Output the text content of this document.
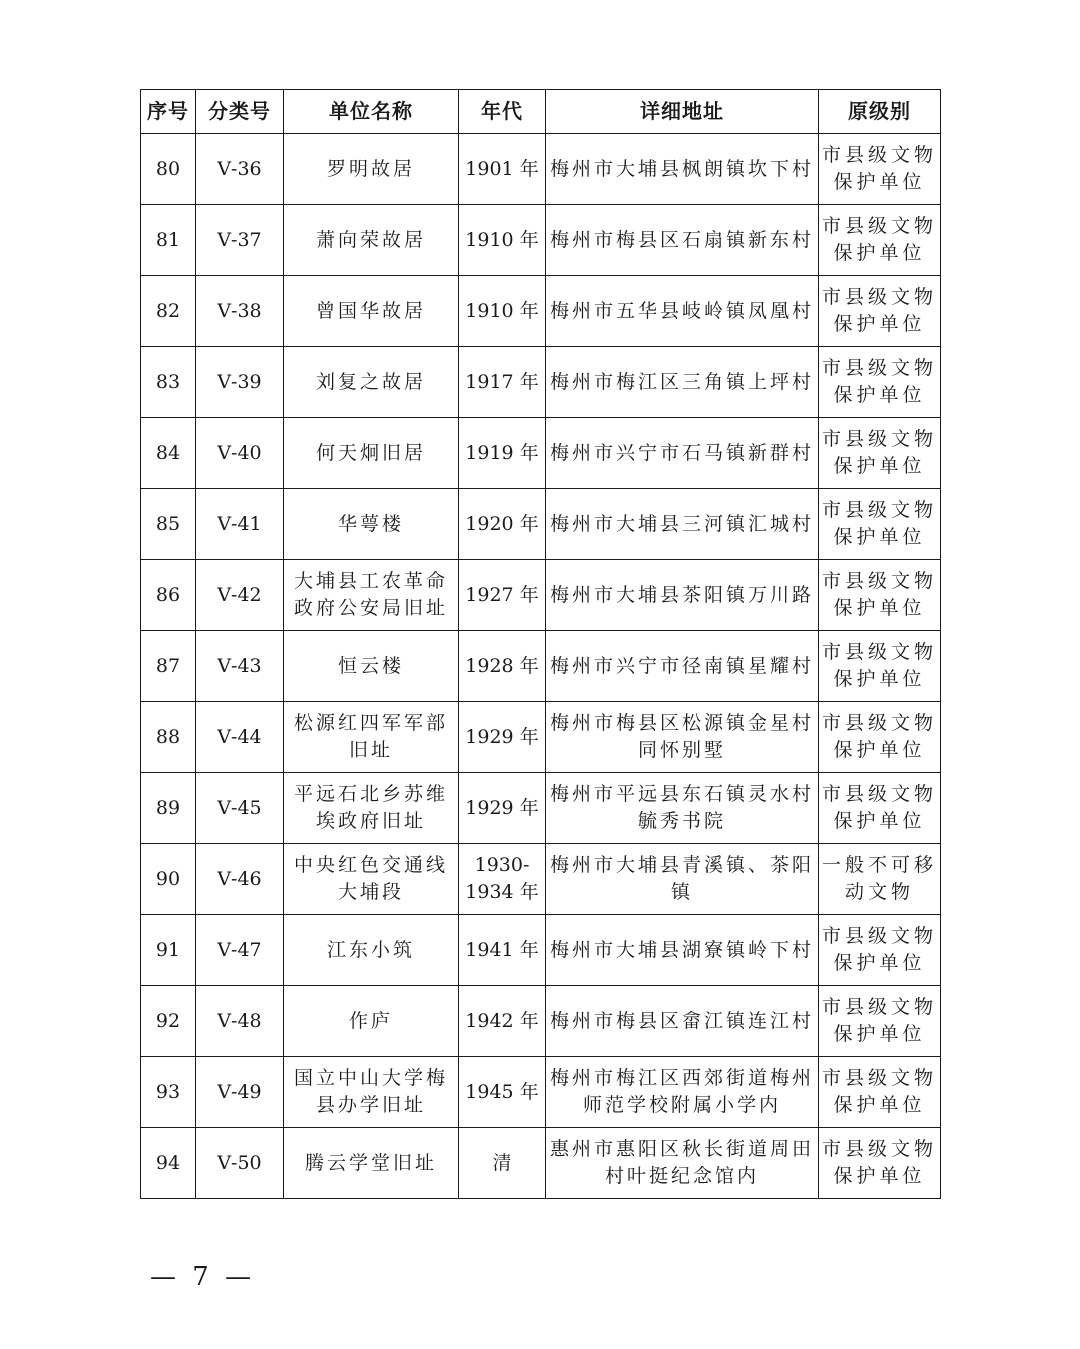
序号	分类号	单位名称	年代	详细地址	原级别
80	Ⅴ-36	罗明故居	1901 年	梅州市大埔县枫朗镇坎下村	市县级文物保护单位
81	Ⅴ-37	萧向荣故居	1910 年	梅州市梅县区石扇镇新东村	市县级文物保护单位
82	Ⅴ-38	曾国华故居	1910 年	梅州市五华县岐岭镇凤凰村	市县级文物保护单位
83	Ⅴ-39	刘复之故居	1917 年	梅州市梅江区三角镇上坪村	市县级文物保护单位
84	Ⅴ-40	何天炯旧居	1919 年	梅州市兴宁市石马镇新群村	市县级文物保护单位
85	Ⅴ-41	华萼楼	1920 年	梅州市大埔县三河镇汇城村	市县级文物保护单位
86	Ⅴ-42	大埔县工农革命政府公安局旧址	1927 年	梅州市大埔县茶阳镇万川路	市县级文物保护单位
87	Ⅴ-43	恒云楼	1928 年	梅州市兴宁市径南镇星耀村	市县级文物保护单位
88	Ⅴ-44	松源红四军军部旧址	1929 年	梅州市梅县区松源镇金星村同怀别墅	市县级文物保护单位
89	Ⅴ-45	平远石北乡苏维埃政府旧址	1929 年	梅州市平远县东石镇灵水村毓秀书院	市县级文物保护单位
90	Ⅴ-46	中央红色交通线大埔段	1930-1934 年	梅州市大埔县青溪镇、茶阳镇	一般不可移动文物
91	Ⅴ-47	江东小筑	1941 年	梅州市大埔县湖寮镇岭下村	市县级文物保护单位
92	Ⅴ-48	作庐	1942 年	梅州市梅县区畲江镇连江村	市县级文物保护单位
93	Ⅴ-49	国立中山大学梅县办学旧址	1945 年	梅州市梅江区西郊街道梅州师范学校附属小学内	市县级文物保护单位
94	Ⅴ-50	腾云学堂旧址	清	惠州市惠阳区秋长街道周田村叶挺纪念馆内	市县级文物保护单位
— 7 —
